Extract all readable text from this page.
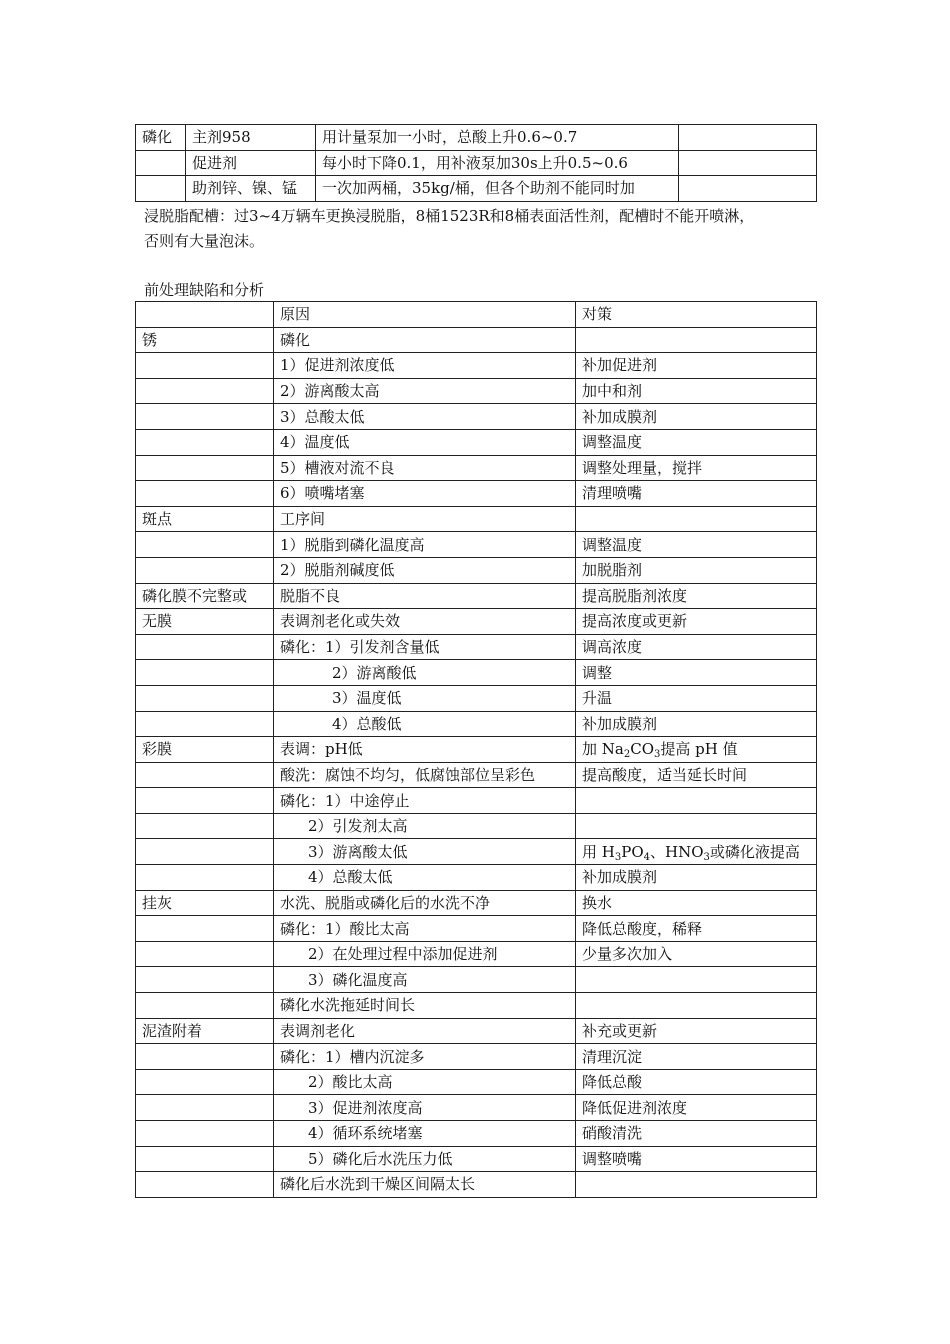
磷化	主剂958	用计量泵加一小时，总酸上升0.6~0.7	
	促进剂	每小时下降0.1，用补液泵加30s上升0.5~0.6	
	助剂锌、镍、锰	一次加两桶，35kg/桶，但各个助剂不能同时加	
浸脱脂配槽：过3~4万辆车更换浸脱脂，8桶1523R和8桶表面活性剂，配槽时不能开喷淋，
否则有大量泡沫。
前处理缺陷和分析
	原因	对策
锈	磷化	
	1）促进剂浓度低	补加促进剂
	2）游离酸太高	加中和剂
	3）总酸太低	补加成膜剂
	4）温度低	调整温度
	5）槽液对流不良	调整处理量，搅拌
	6）喷嘴堵塞	清理喷嘴
斑点	工序间	
	1）脱脂到磷化温度高	调整温度
	2）脱脂剂碱度低	加脱脂剂
磷化膜不完整或	脱脂不良	提高脱脂剂浓度
无膜	表调剂老化或失效	提高浓度或更新
	磷化：1）引发剂含量低	调高浓度
	2）游离酸低	调整
	3）温度低	升温
	4）总酸低	补加成膜剂
彩膜	表调：pH低	加 $Na_2CO_3$提高 pH 值
	酸洗：腐蚀不均匀，低腐蚀部位呈彩色	提高酸度，适当延长时间
	磷化：1）中途停止	
	2）引发剂太高	
	3）游离酸太低	用 $H_3PO_4$、$HNO_3$或磷化液提高
	4）总酸太低	补加成膜剂
挂灰	水洗、脱脂或磷化后的水洗不净	换水
	磷化：1）酸比太高	降低总酸度，稀释
	2）在处理过程中添加促进剂	少量多次加入
	3）磷化温度高	
	磷化水洗拖延时间长	
泥渣附着	表调剂老化	补充或更新
	磷化：1）槽内沉淀多	清理沉淀
	2）酸比太高	降低总酸
	3）促进剂浓度高	降低促进剂浓度
	4）循环系统堵塞	硝酸清洗
	5）磷化后水洗压力低	调整喷嘴
	磷化后水洗到干燥区间隔太长	
